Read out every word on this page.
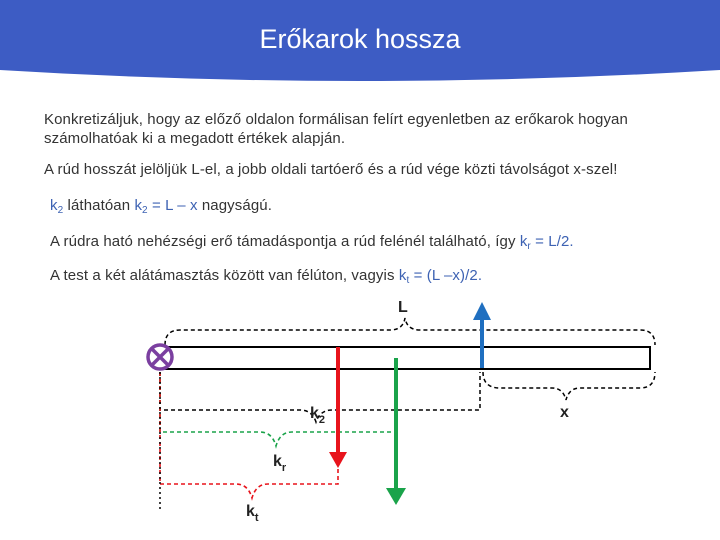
Erőkarok hossza

Konkretizáljuk, hogy az előző oldalon formálisan felírt egyenletben az erőkarok hogyan számolhatóak ki a megadott értékek alapján.

A rúd hosszát jelöljük L-el, a jobb oldali tartóerő és a rúd vége közti távolságot x-szel!

$k_2$ láthatóan $k_2 = L - x$ nagyságú.

A rúdra ható nehézségi erő támadáspontja a rúd felénél található, így $k_r = L/2$.

A test a két alátámasztás között van félúton, vagyis $k_t = (L$ –x)/2.

L
x
$k_2$
$k_r$
$k_t$
